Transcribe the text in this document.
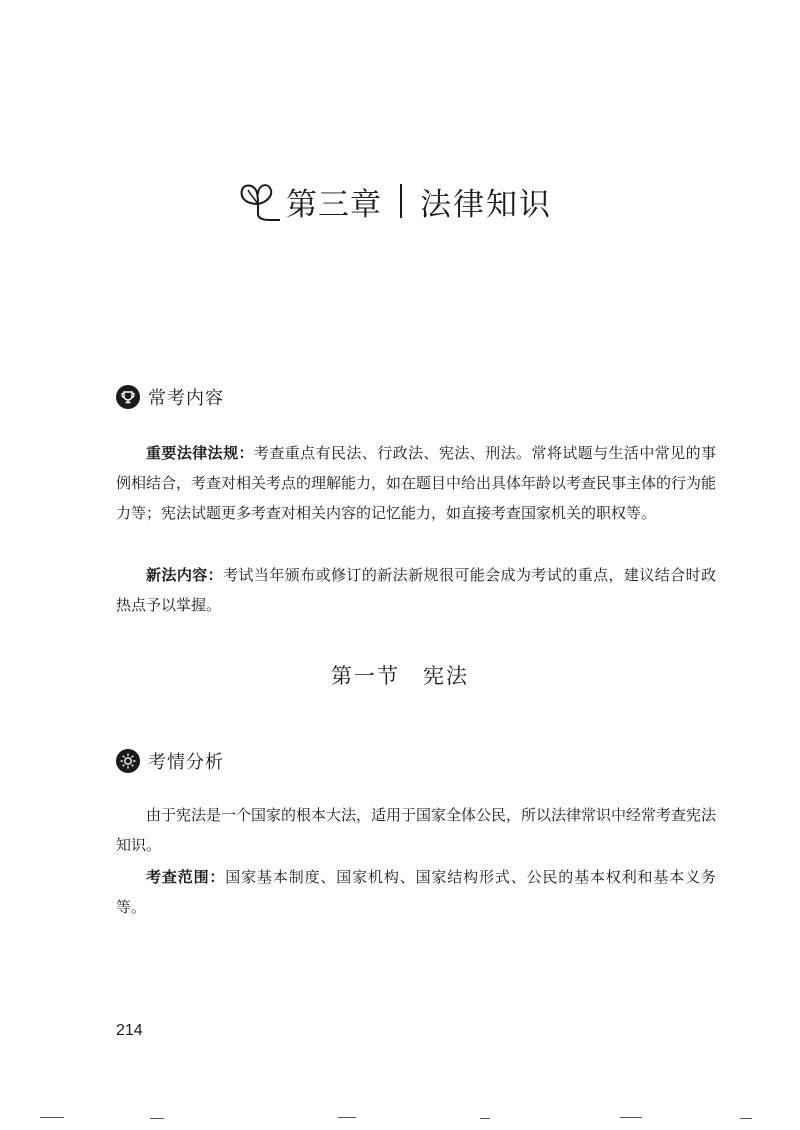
第三章 法律知识
常考内容

重要法律法规：考查重点有民法、行政法、宪法、刑法。常将试题与生活中常见的事例相结合，考查对相关考点的理解能力，如在题目中给出具体年龄以考查民事主体的行为能力等；宪法试题更多考查对相关内容的记忆能力，如直接考查国家机关的职权等。

新法内容：考试当年颁布或修订的新法新规很可能会成为考试的重点，建议结合时政热点予以掌握。

第一节　宪法
考情分析

由于宪法是一个国家的根本大法，适用于国家全体公民，所以法律常识中经常考查宪法知识。

考查范围：国家基本制度、国家机构、国家结构形式、公民的基本权利和基本义务等。

214
